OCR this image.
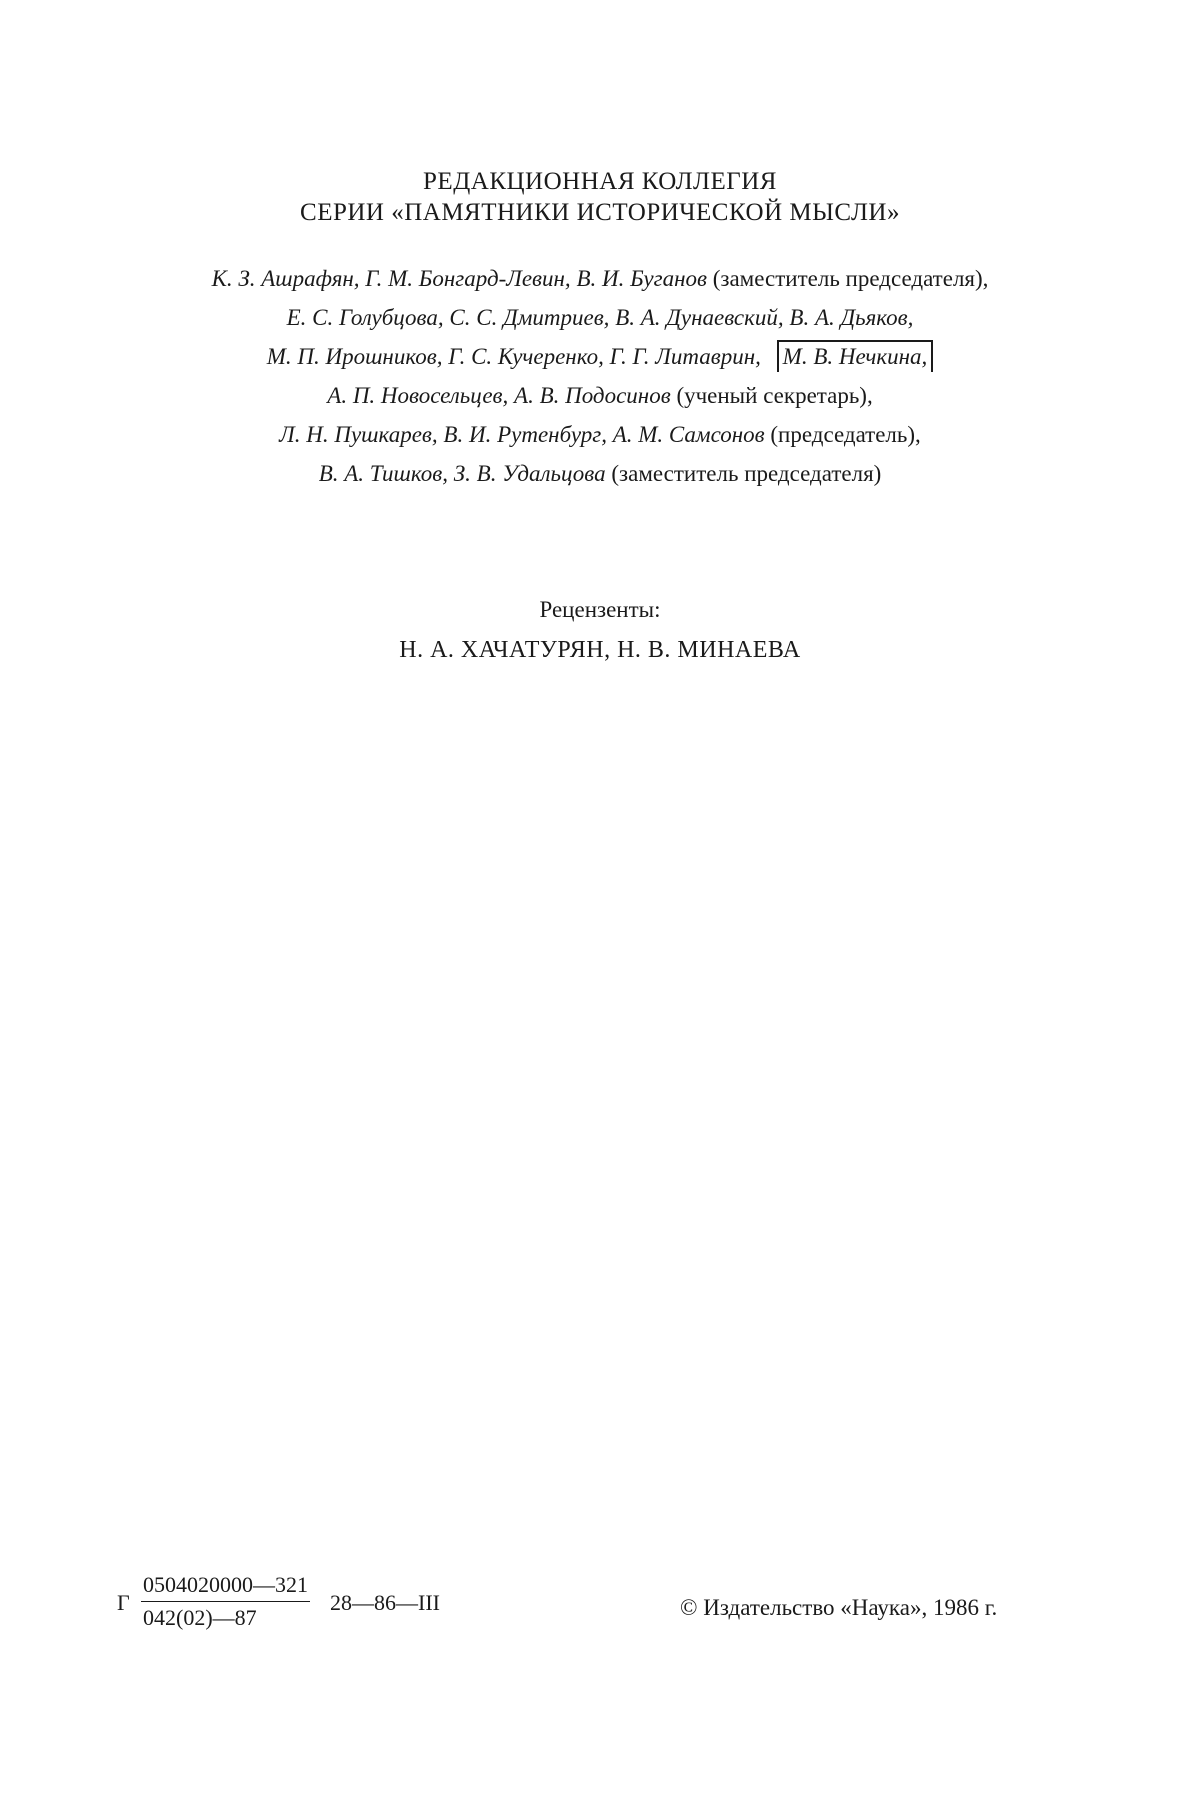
РЕДАКЦИОННАЯ КОЛЛЕГИЯ
СЕРИИ «ПАМЯТНИКИ ИСТОРИЧЕСКОЙ МЫСЛИ»
К. З. Ашрафян, Г. М. Бонгард-Левин, В. И. Буганов (заместитель председателя),
Е. С. Голубцова, С. С. Дмитриев, В. А. Дунаевский, В. А. Дьяков,
М. П. Ирошников, Г. С. Кучеренко, Г. Г. Литаврин, М. В. Нечкина,
А. П. Новосельцев, А. В. Подосинов (ученый секретарь),
Л. Н. Пушкарев, В. И. Рутенбург, А. М. Самсонов (председатель),
В. А. Тишков, З. В. Удальцова (заместитель председателя)
Рецензенты:
Н. А. ХАЧАТУРЯН, Н. В. МИНАЕВА
Г $\frac{0504020000—321}{042(02)—87}$ 28—86—III	© Издательство «Наука», 1986 г.
